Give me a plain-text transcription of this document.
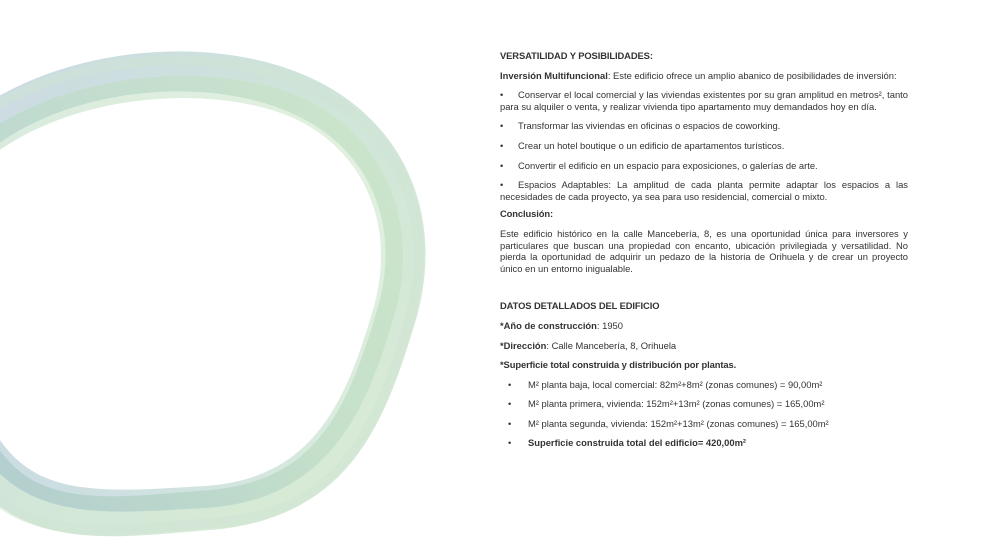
VERSATILIDAD Y POSIBILIDADES:

Inversión Multifuncional: Este edificio ofrece un amplio abanico de posibilidades de inversión:

• Conservar el local comercial y las viviendas existentes por su gran amplitud en metros², tanto para su alquiler o venta, y realizar vivienda tipo apartamento muy demandados hoy en día.

• Transformar las viviendas en oficinas o espacios de coworking.

• Crear un hotel boutique o un edificio de apartamentos turísticos.

• Convertir el edificio en un espacio para exposiciones, o galerías de arte.

• Espacios Adaptables: La amplitud de cada planta permite adaptar los espacios a las necesidades de cada proyecto, ya sea para uso residencial, comercial o mixto.

Conclusión:

Este edificio histórico en la calle Mancebería, 8, es una oportunidad única para inversores y particulares que buscan una propiedad con encanto, ubicación privilegiada y versatilidad. No pierda la oportunidad de adquirir un pedazo de la historia de Orihuela y de crear un proyecto único en un entorno inigualable.

DATOS DETALLADOS DEL EDIFICIO

*Año de construcción: 1950

*Dirección: Calle Mancebería, 8, Orihuela

*Superficie total construida y distribución por plantas.

• M² planta baja, local comercial: 82m²+8m² (zonas comunes) = 90,00m²

• M² planta primera, vivienda: 152m²+13m² (zonas comunes) = 165,00m²

• M² planta segunda, vivienda: 152m²+13m² (zonas comunes) = 165,00m²

• Superficie construida total del edificio= 420,00m²
